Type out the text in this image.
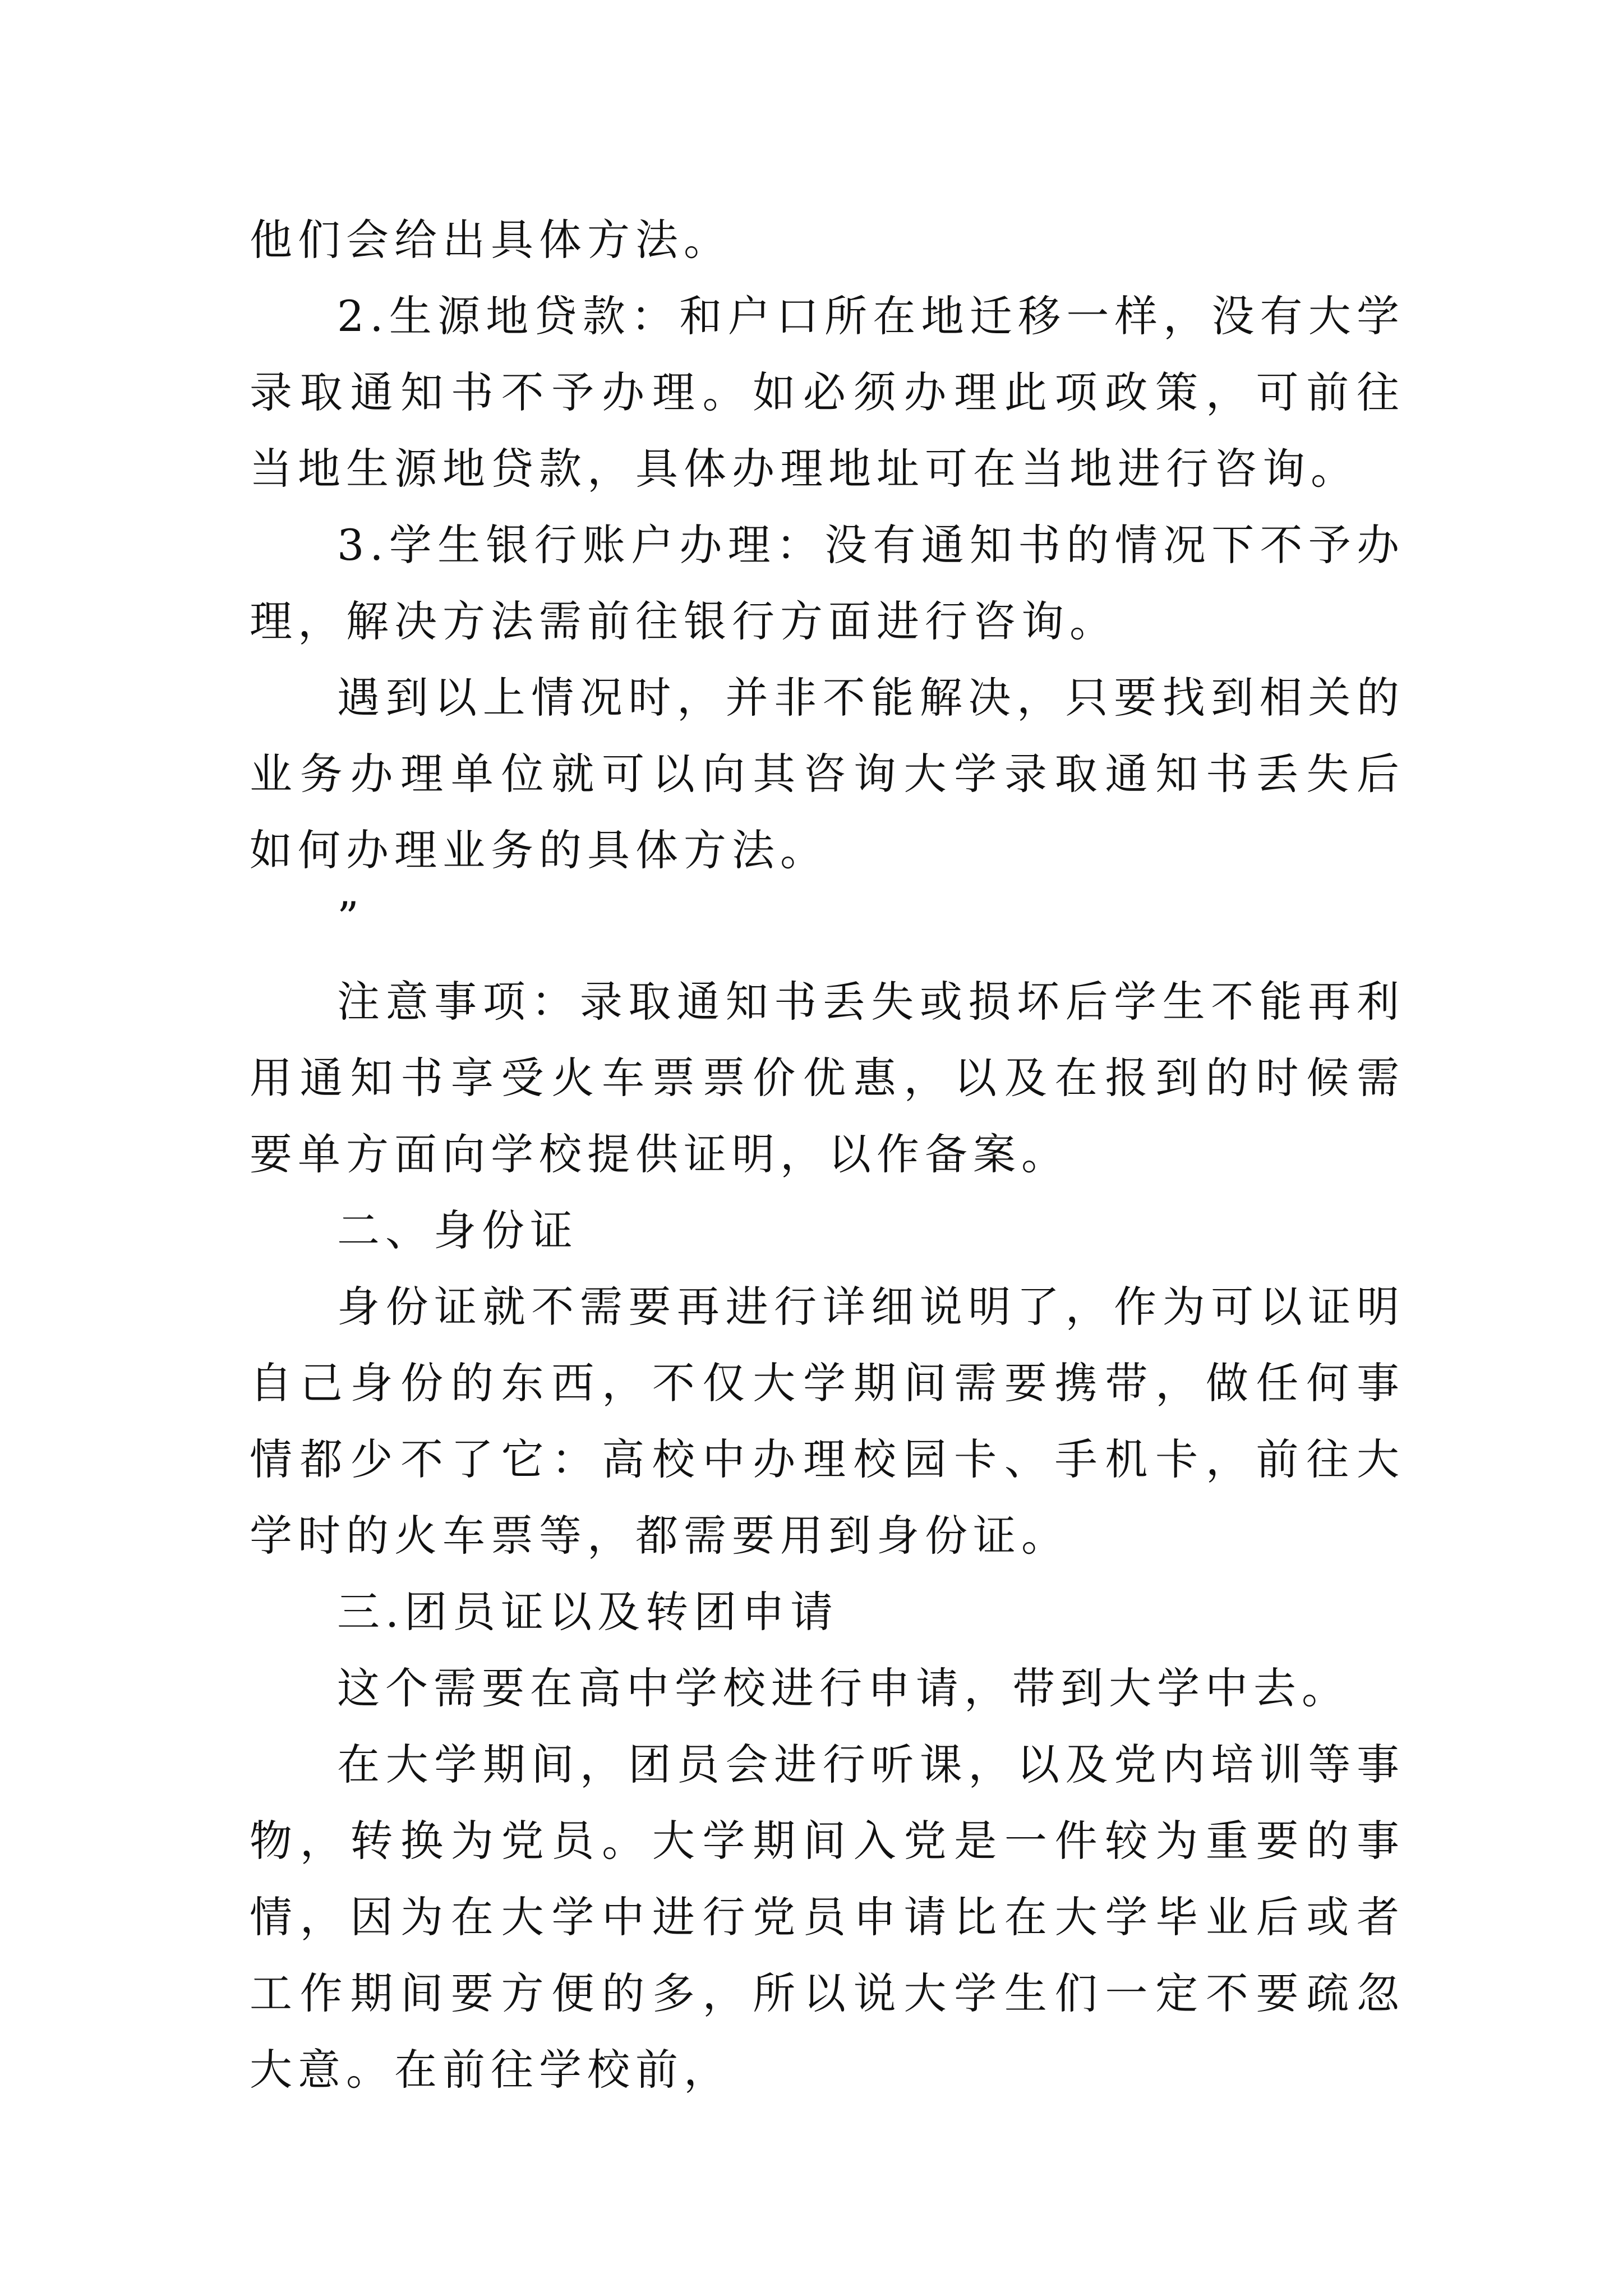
他们会给出具体方法。

2.生源地贷款：和户口所在地迁移一样，没有大学录取通知书不予办理。如必须办理此项政策，可前往当地生源地贷款，具体办理地址可在当地进行咨询。

3.学生银行账户办理：没有通知书的情况下不予办理，解决方法需前往银行方面进行咨询。

遇到以上情况时，并非不能解决，只要找到相关的业务办理单位就可以向其咨询大学录取通知书丢失后如何办理业务的具体方法。

”

注意事项：录取通知书丢失或损坏后学生不能再利用通知书享受火车票票价优惠，以及在报到的时候需要单方面向学校提供证明，以作备案。

二、身份证

身份证就不需要再进行详细说明了，作为可以证明自己身份的东西，不仅大学期间需要携带，做任何事情都少不了它：高校中办理校园卡、手机卡，前往大学时的火车票等，都需要用到身份证。

三.团员证以及转团申请

这个需要在高中学校进行申请，带到大学中去。

在大学期间，团员会进行听课，以及党内培训等事物，转换为党员。大学期间入党是一件较为重要的事情，因为在大学中进行党员申请比在大学毕业后或者工作期间要方便的多，所以说大学生们一定不要疏忽大意。在前往学校前，
